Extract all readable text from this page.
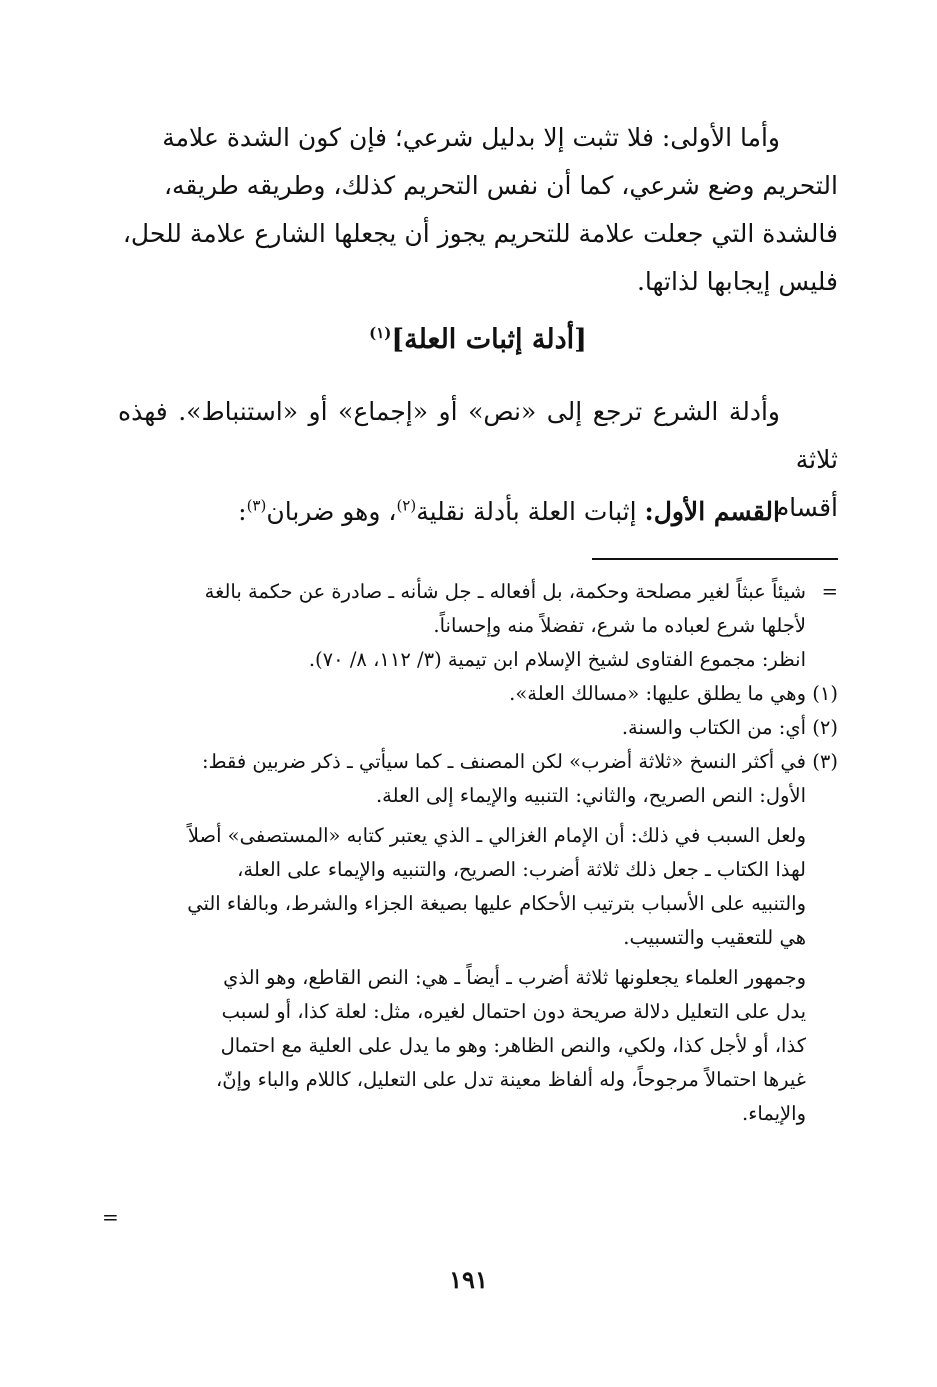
وأما الأولى: فلا تثبت إلا بدليل شرعي؛ فإن كون الشدة علامة
التحريم وضع شرعي، كما أن نفس التحريم كذلك، وطريقه طريقه،
فالشدة التي جعلت علامة للتحريم يجوز أن يجعلها الشارع علامة للحل،
فليس إيجابها لذاتها.
[أدلة إثبات العلة]$^{(١)}$
وأدلة الشرع ترجع إلى «نص» أو «إجماع» أو «استنباط». فهذه ثلاثة
أقسام:
القسم الأول: إثبات العلة بأدلة نقلية$^{(٢)}$، وهو ضربان$^{(٣)}$:
=
شيئاً عبثاً لغير مصلحة وحكمة، بل أفعاله ـ جل شأنه ـ صادرة عن حكمة بالغة
لأجلها شرع لعباده ما شرع، تفضلاً منه وإحساناً.
انظر: مجموع الفتاوى لشيخ الإسلام ابن تيمية (٣/ ١١٢، ٨/ ٧٠).
(١)
وهي ما يطلق عليها: «مسالك العلة».
(٢)
أي: من الكتاب والسنة.
(٣)
في أكثر النسخ «ثلاثة أضرب» لكن المصنف ـ كما سيأتي ـ ذكر ضربين فقط:
الأول: النص الصريح، والثاني: التنبيه والإيماء إلى العلة.
ولعل السبب في ذلك: أن الإمام الغزالي ـ الذي يعتبر كتابه «المستصفى» أصلاً
لهذا الكتاب ـ جعل ذلك ثلاثة أضرب: الصريح، والتنبيه والإيماء على العلة،
والتنبيه على الأسباب بترتيب الأحكام عليها بصيغة الجزاء والشرط، وبالفاء التي
هي للتعقيب والتسبيب.
وجمهور العلماء يجعلونها ثلاثة أضرب ـ أيضاً ـ هي: النص القاطع، وهو الذي
يدل على التعليل دلالة صريحة دون احتمال لغيره، مثل: لعلة كذا، أو لسبب
كذا، أو لأجل كذا، ولكي، والنص الظاهر: وهو ما يدل على العلية مع احتمال
غيرها احتمالاً مرجوحاً، وله ألفاظ معينة تدل على التعليل، كاللام والباء وإنّ،
والإيماء.
=
١٩١
